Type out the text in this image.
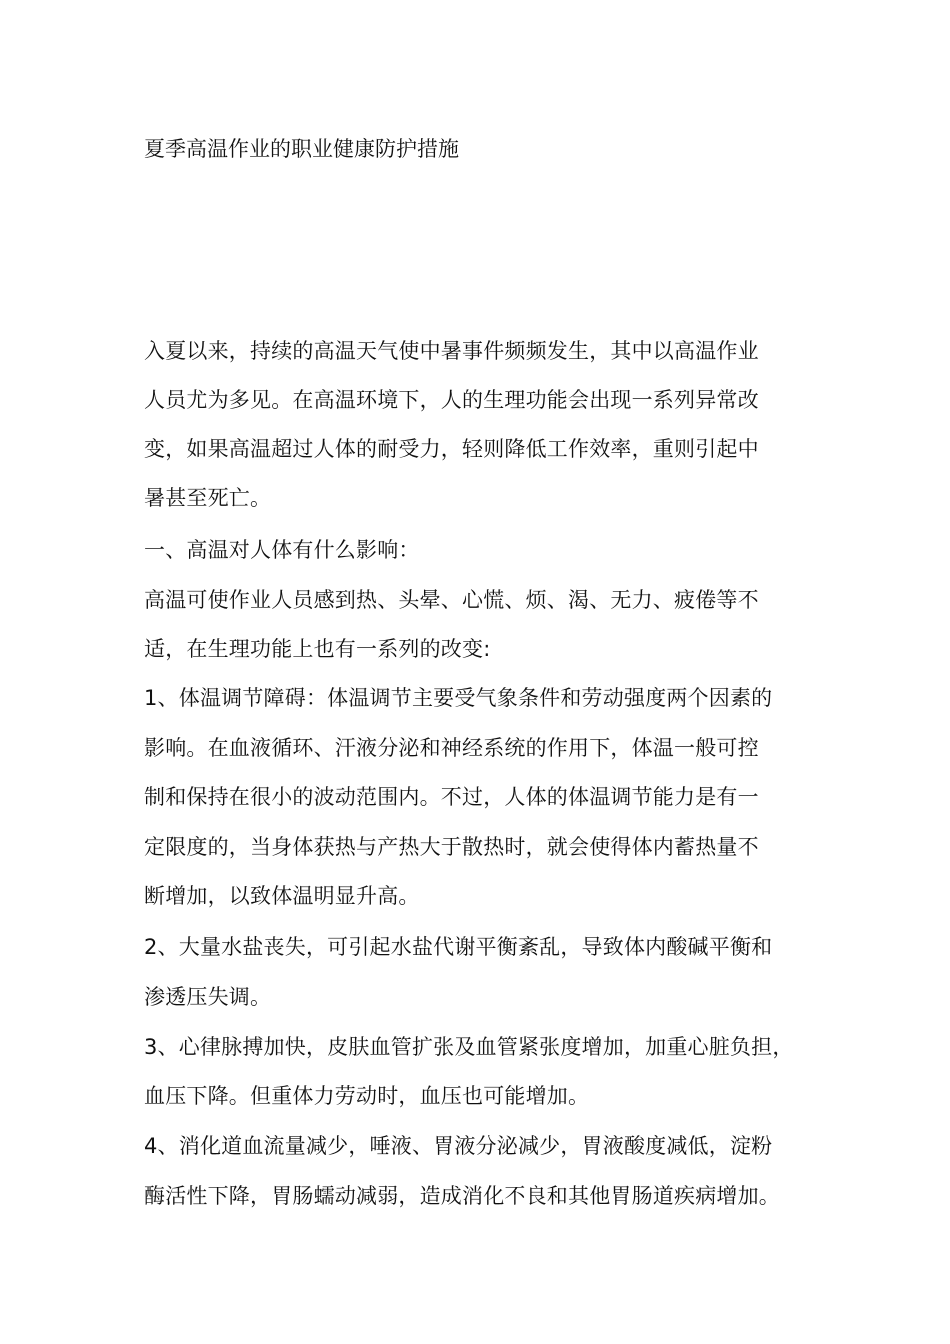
夏季高温作业的职业健康防护措施
入夏以来，持续的高温天气使中暑事件频频发生，其中以高温作业
人员尤为多见。在高温环境下，人的生理功能会出现一系列异常改
变，如果高温超过人体的耐受力，轻则降低工作效率，重则引起中
暑甚至死亡。
一、高温对人体有什么影响：
高温可使作业人员感到热、头晕、心慌、烦、渴、无力、疲倦等不
适，在生理功能上也有一系列的改变:
1、体温调节障碍：体温调节主要受气象条件和劳动强度两个因素的
影响。在血液循环、汗液分泌和神经系统的作用下，体温一般可控
制和保持在很小的波动范围内。不过，人体的体温调节能力是有一
定限度的，当身体获热与产热大于散热时，就会使得体内蓄热量不
断增加，以致体温明显升高。
2、大量水盐丧失，可引起水盐代谢平衡紊乱，导致体内酸碱平衡和
渗透压失调。
3、心律脉搏加快，皮肤血管扩张及血管紧张度增加，加重心脏负担，
血压下降。但重体力劳动时，血压也可能增加。
4、消化道血流量减少，唾液、胃液分泌减少，胃液酸度减低，淀粉
酶活性下降，胃肠蠕动减弱，造成消化不良和其他胃肠道疾病增加。
